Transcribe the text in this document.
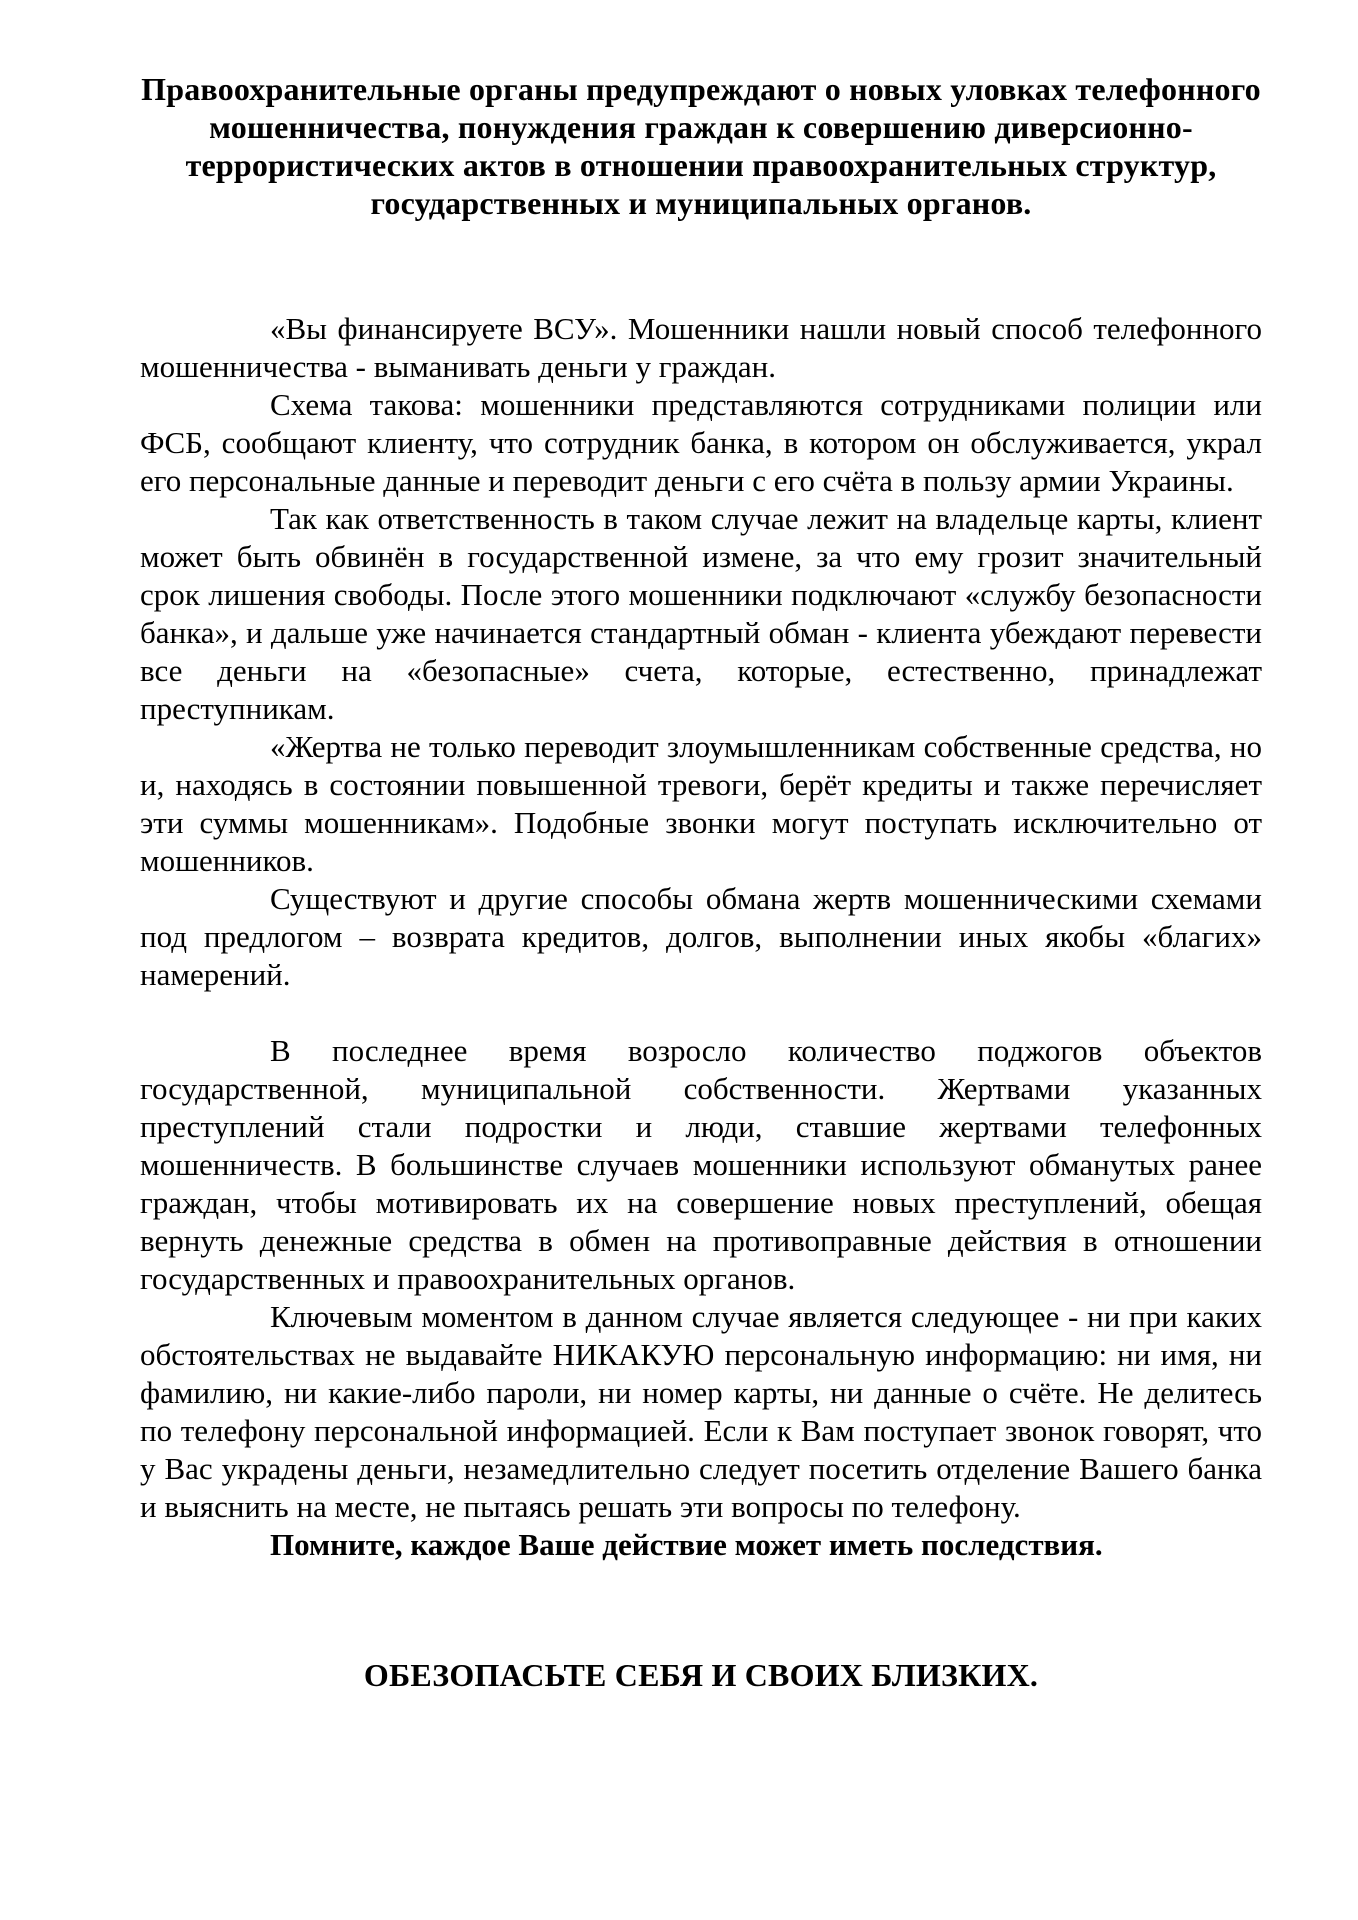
Правоохранительные органы предупреждают о новых уловках телефонного мошенничества, понуждения граждан к совершению диверсионно-террористических актов в отношении правоохранительных структур, государственных и муниципальных органов.

«Вы финансируете ВСУ». Мошенники нашли новый способ телефонного мошенничества - выманивать деньги у граждан.

Схема такова: мошенники представляются сотрудниками полиции или ФСБ, сообщают клиенту, что сотрудник банка, в котором он обслуживается, украл его персональные данные и переводит деньги с его счёта в пользу армии Украины.

Так как ответственность в таком случае лежит на владельце карты, клиент может быть обвинён в государственной измене, за что ему грозит значительный срок лишения свободы. После этого мошенники подключают «службу безопасности банка», и дальше уже начинается стандартный обман - клиента убеждают перевести все деньги на «безопасные» счета, которые, естественно, принадлежат преступникам.

«Жертва не только переводит злоумышленникам собственные средства, но и, находясь в состоянии повышенной тревоги, берёт кредиты и также перечисляет эти суммы мошенникам». Подобные звонки могут поступать исключительно от мошенников.

Существуют и другие способы обмана жертв мошенническими схемами под предлогом – возврата кредитов, долгов, выполнении иных якобы «благих» намерений.

В последнее время возросло количество поджогов объектов государственной, муниципальной собственности. Жертвами указанных преступлений стали подростки и люди, ставшие жертвами телефонных мошенничеств. В большинстве случаев мошенники используют обманутых ранее граждан, чтобы мотивировать их на совершение новых преступлений, обещая вернуть денежные средства в обмен на противоправные действия в отношении государственных и правоохранительных органов.

Ключевым моментом в данном случае является следующее - ни при каких обстоятельствах не выдавайте НИКАКУЮ персональную информацию: ни имя, ни фамилию, ни какие-либо пароли, ни номер карты, ни данные о счёте. Не делитесь по телефону персональной информацией. Если к Вам поступает звонок говорят, что у Вас украдены деньги, незамедлительно следует посетить отделение Вашего банка и выяснить на месте, не пытаясь решать эти вопросы по телефону.

Помните, каждое Ваше действие может иметь последствия.

ОБЕЗОПАСЬТЕ СЕБЯ И СВОИХ БЛИЗКИХ.
